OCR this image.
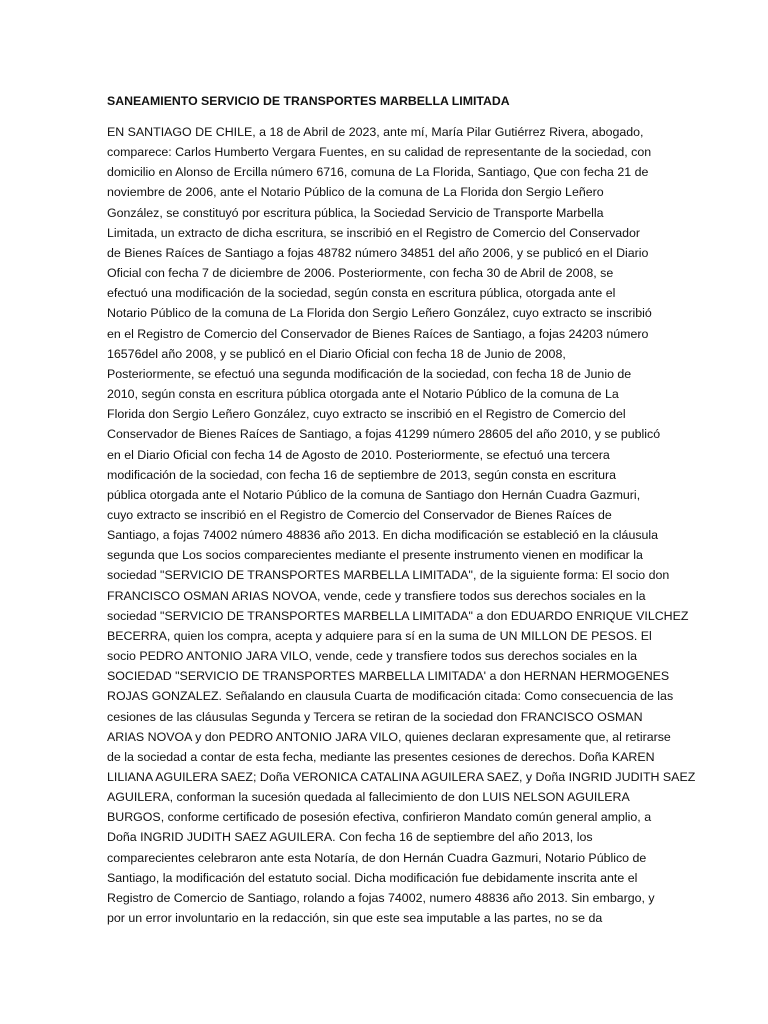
SANEAMIENTO SERVICIO DE TRANSPORTES MARBELLA LIMITADA
EN SANTIAGO DE CHILE, a 18 de Abril de 2023, ante mí, María Pilar Gutiérrez Rivera, abogado,
comparece: Carlos Humberto Vergara Fuentes, en su calidad de representante de la sociedad, con
domicilio en Alonso de Ercilla número 6716, comuna de La Florida, Santiago, Que con fecha 21 de
noviembre de 2006, ante el Notario Público de la comuna de La Florida don Sergio Leñero
González, se constituyó por escritura pública, la Sociedad Servicio de Transporte Marbella
Limitada, un extracto de dicha escritura, se inscribió en el Registro de Comercio del Conservador
de Bienes Raíces de Santiago a fojas 48782 número 34851 del año 2006, y se publicó en el Diario
Oficial con fecha 7 de diciembre de 2006. Posteriormente, con fecha 30 de Abril de 2008, se
efectuó una modificación de la sociedad, según consta en escritura pública, otorgada ante el
Notario Público de la comuna de La Florida don Sergio Leñero González, cuyo extracto se inscribió
en el Registro de Comercio del Conservador de Bienes Raíces de Santiago, a fojas 24203 número
16576del año 2008, y se publicó en el Diario Oficial con fecha 18 de Junio de 2008,
Posteriormente, se efectuó una segunda modificación de la sociedad, con fecha 18 de Junio de
2010, según consta en escritura pública otorgada ante el Notario Público de la comuna de La
Florida don Sergio Leñero González, cuyo extracto se inscribió en el Registro de Comercio del
Conservador de Bienes Raíces de Santiago, a fojas 41299 número 28605 del año 2010, y se publicó
en el Diario Oficial con fecha 14 de Agosto de 2010. Posteriormente, se efectuó una tercera
modificación de la sociedad, con fecha 16 de septiembre de 2013, según consta en escritura
pública otorgada ante el Notario Público de la comuna de Santiago don Hernán Cuadra Gazmuri,
cuyo extracto se inscribió en el Registro de Comercio del Conservador de Bienes Raíces de
Santiago, a fojas 74002 número 48836 año 2013. En dicha modificación se estableció en la cláusula
segunda que Los socios comparecientes mediante el presente instrumento vienen en modificar la
sociedad "SERVICIO DE TRANSPORTES MARBELLA LIMITADA", de la siguiente forma: El socio don
FRANCISCO OSMAN ARIAS NOVOA, vende, cede y transfiere todos sus derechos sociales en la
sociedad "SERVICIO DE TRANSPORTES MARBELLA LIMITADA" a don EDUARDO ENRIQUE VILCHEZ
BECERRA, quien los compra, acepta y adquiere para sí en la suma de UN MILLON DE PESOS. El
socio PEDRO ANTONIO JARA VILO, vende, cede y transfiere todos sus derechos sociales en la
SOCIEDAD "SERVICIO DE TRANSPORTES MARBELLA LIMITADA' a don HERNAN HERMOGENES
ROJAS GONZALEZ. Señalando en clausula Cuarta de modificación citada: Como consecuencia de las
cesiones de las cláusulas Segunda y Tercera se retiran de la sociedad don FRANCISCO OSMAN
ARIAS NOVOA y don PEDRO ANTONIO JARA VILO, quienes declaran expresamente que, al retirarse
de la sociedad a contar de esta fecha, mediante las presentes cesiones de derechos. Doña KAREN
LILIANA AGUILERA SAEZ; Doña VERONICA CATALINA AGUILERA SAEZ, y Doña INGRID JUDITH SAEZ
AGUILERA, conforman la sucesión quedada al fallecimiento de don LUIS NELSON AGUILERA
BURGOS, conforme certificado de posesión efectiva, confirieron Mandato común general amplio, a
Doña INGRID JUDITH SAEZ AGUILERA. Con fecha 16 de septiembre del año 2013, los
comparecientes celebraron ante esta Notaría, de don Hernán Cuadra Gazmuri, Notario Público de
Santiago, la modificación del estatuto social. Dicha modificación fue debidamente inscrita ante el
Registro de Comercio de Santiago, rolando a fojas 74002, numero 48836 año 2013. Sin embargo, y
por un error involuntario en la redacción, sin que este sea imputable a las partes, no se da
